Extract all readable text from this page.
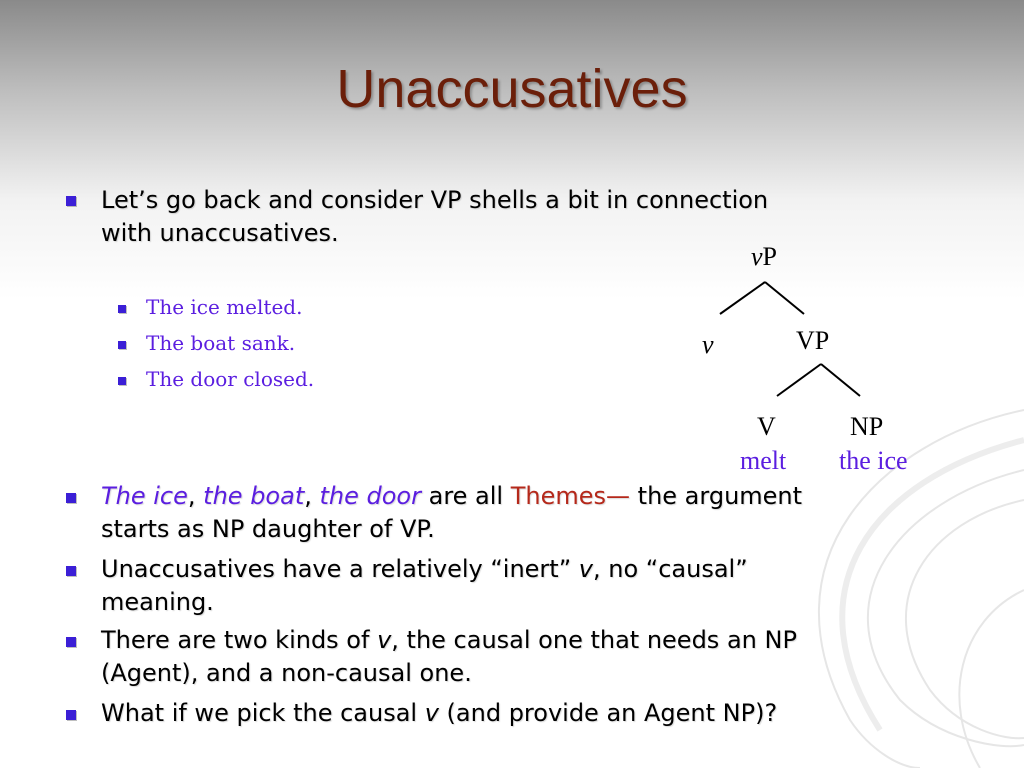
Unaccusatives
Let’s go back and consider VP shells a bit in connection
with unaccusatives.
The ice melted.
The boat sank.
The door closed.
vP
v	VP
V	NP
melt the ice
The ice, the boat, the door are all Themes— the argument
starts as NP daughter of VP.
Unaccusatives have a relatively “inert” v, no “causal”
meaning.
There are two kinds of v, the causal one that needs an NP
(Agent), and a non-causal one.
What if we pick the causal v (and provide an Agent NP)?
